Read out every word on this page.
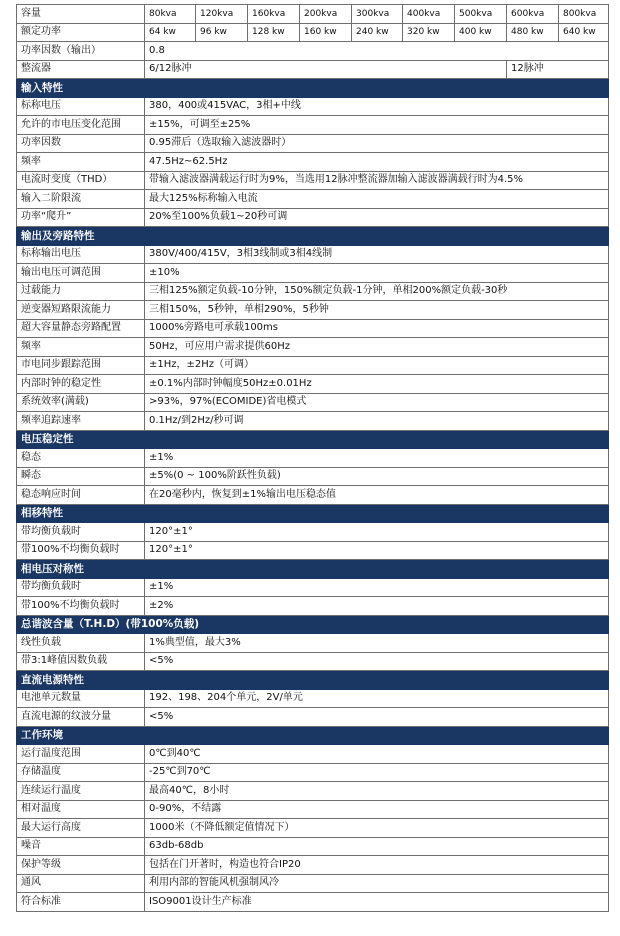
容量	80kva	120kva	160kva	200kva	300kva	400kva	500kva	600kva	800kva
额定功率	64 kw	96 kw	128 kw	160 kw	240 kw	320 kw	400 kw	480 kw	640 kw
功率因数（输出）	0.8								
整流器	6/12脉冲							12脉冲	
输入特性									
标称电压	380，400或415VAC，3相+中线								
允许的市电压变化范围	±15%，可调至±25%								
功率因数	0.95滞后（选取输入滤波器时）								
频率	47.5Hz~62.5Hz								
电流时变度（THD）	带输入滤波器满载运行时为9%，当选用12脉冲整流器加输入滤波器满载行时为4.5%								
输入二阶限流	最大125%标称输入电流								
功率“爬升”	20%至100%负载1~20秒可调								
输出及旁路特性									
标称输出电压	380V/400/415V，3相3线制或3相4线制								
输出电压可调范围	±10%								
过载能力	三相125%额定负载-10分钟，150%额定负载-1分钟，单相200%额定负载-30秒								
逆变器短路限流能力	三相150%，5秒钟，单相290%，5秒钟								
超大容量静态旁路配置	1000%旁路电可承载100ms								
频率	50Hz，可应用户需求提供60Hz								
市电同步跟踪范围	±1Hz，±2Hz（可调）								
内部时钟的稳定性	±0.1%内部时钟幅度50Hz±0.01Hz								
系统效率(满载)	>93%，97%(ECOMIDE)省电模式								
频率追踪速率	0.1Hz/到2Hz/秒可调								
电压稳定性									
稳态	±1%								
瞬态	±5%(0 ~ 100%阶跃性负载)								
稳态响应时间	在20毫秒内，恢复到±1%输出电压稳态值								
相移特性									
带均衡负载时	120°±1°								
带100%不均衡负载时	120°±1°								
相电压对称性									
带均衡负载时	±1%								
带100%不均衡负载时	±2%								
总谐波含量（T.H.D）(带100%负载)									
线性负载	1%典型值，最大3%								
带3:1峰值因数负载	<5%								
直流电源特性									
电池单元数量	192、198、204个单元，2V/单元								
直流电源的纹波分量	<5%								
工作环境									
运行温度范围	0℃到40℃								
存储温度	-25℃到70℃								
连续运行温度	最高40℃，8小时								
相对温度	0-90%，不结露								
最大运行高度	1000米（不降低额定值情况下）								
噪音	63db-68db								
保护等级	包括在门开著时，构造也符合IP20								
通风	利用内部的智能风机强制风冷								
符合标准	ISO9001设计生产标准								
